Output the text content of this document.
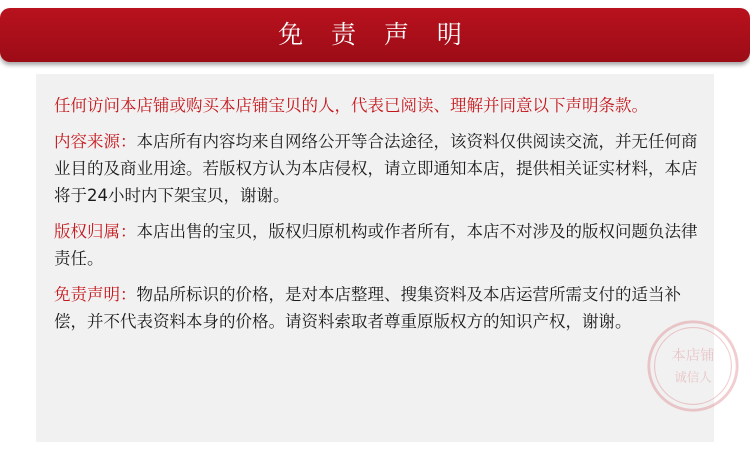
免 责 声 明

任何访问本店铺或购买本店铺宝贝的人，代表已阅读、理解并同意以下声明条款。

内容来源：本店所有内容均来自网络公开等合法途径，该资料仅供阅读交流，并无任何商业目的及商业用途。若版权方认为本店侵权，请立即通知本店，提供相关证实材料，本店将于24小时内下架宝贝，谢谢。

版权归属：本店出售的宝贝，版权归原机构或作者所有，本店不对涉及的版权问题负法律责任。

免责声明：物品所标识的价格，是对本店整理、搜集资料及本店运营所需支付的适当补偿，并不代表资料本身的价格。请资料索取者尊重原版权方的知识产权，谢谢。

本店铺
诚信人
